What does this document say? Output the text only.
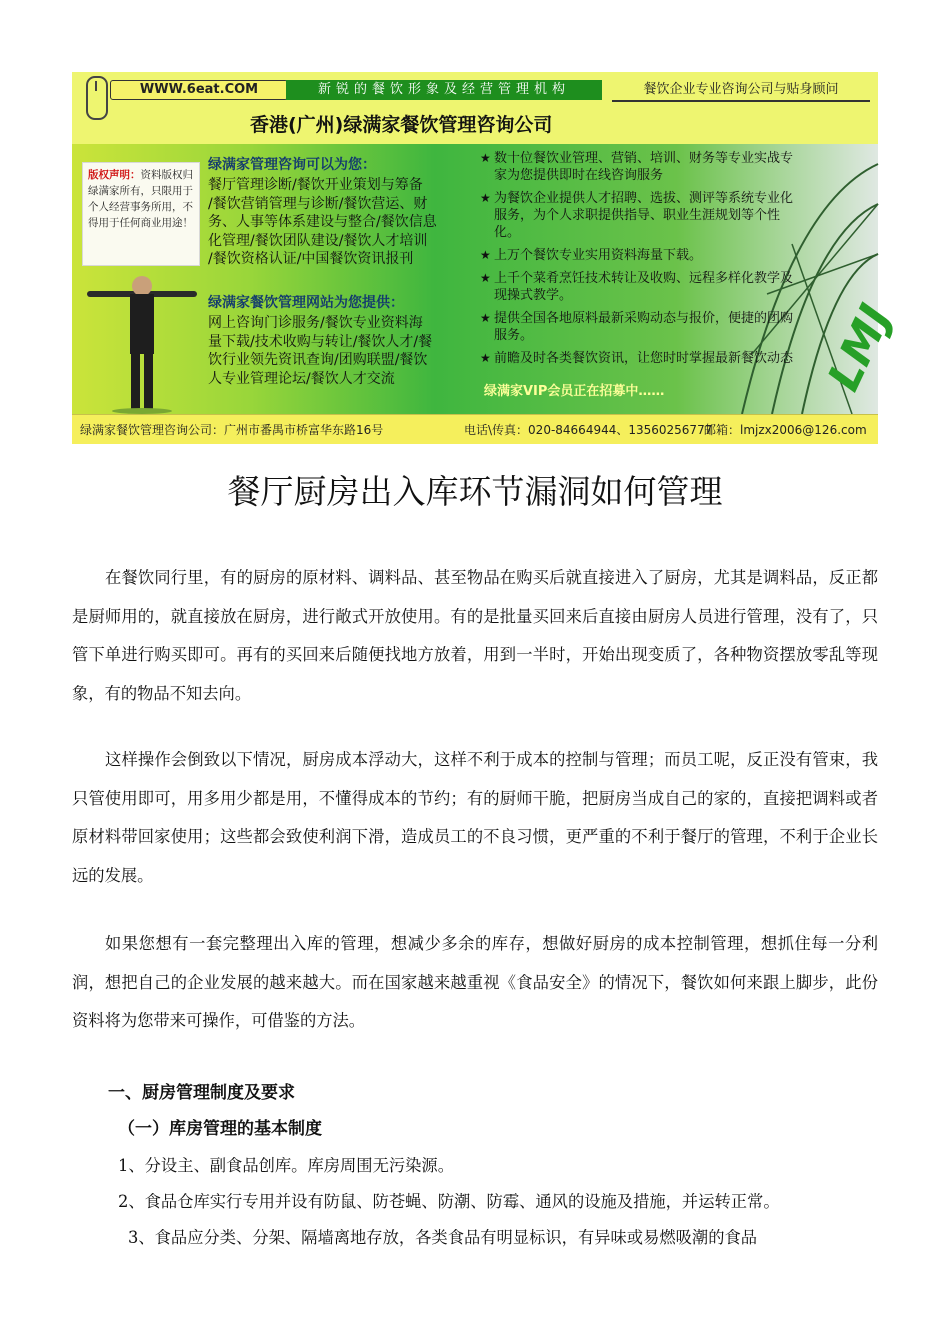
WWW.6eat.COM	新锐的餐饮形象及经营管理机构	餐饮企业专业咨询公司与贴身顾问
香港(广州)绿满家餐饮管理咨询公司
版权声明：资料版权归绿满家所有，只限用于个人经营事务所用，不得用于任何商业用途！
绿满家管理咨询可以为您：
餐厅管理诊断/餐饮开业策划与筹备
/餐饮营销管理与诊断/餐饮营运、财
务、人事等体系建设与整合/餐饮信息
化管理/餐饮团队建设/餐饮人才培训
/餐饮资格认证/中国餐饮资讯报刊
绿满家餐饮管理网站为您提供：
网上咨询门诊服务/餐饮专业资料海
量下载/技术收购与转让/餐饮人才/餐
饮行业领先资讯查询/团购联盟/餐饮
人专业管理论坛/餐饮人才交流
★ 数十位餐饮业管理、营销、培训、财务等专业实战专家为您提供即时在线咨询服务
★ 为餐饮企业提供人才招聘、选拔、测评等系统专业化服务，为个人求职提供指导、职业生涯规划等个性化。
★ 上万个餐饮专业实用资料海量下载。
★ 上千个菜肴烹饪技术转让及收购、远程多样化教学及现操式教学。
★ 提供全国各地原料最新采购动态与报价，便捷的团购服务。
★ 前瞻及时各类餐饮资讯，让您时时掌握最新餐饮动态 LMJ
绿满家VIP会员正在招募中……
绿满家餐饮管理咨询公司：广州市番禺市桥富华东路16号	电话\传真：020-84664944、13560256777
邮箱：lmjzx2006@126.com
餐厅厨房出入库环节漏洞如何管理

在餐饮同行里，有的厨房的原材料、调料品、甚至物品在购买后就直接进入了厨房，尤其是调料品，反正都是厨师用的，就直接放在厨房，进行敞式开放使用。有的是批量买回来后直接由厨房人员进行管理，没有了，只管下单进行购买即可。再有的买回来后随便找地方放着，用到一半时，开始出现变质了，各种物资摆放零乱等现象，有的物品不知去向。

这样操作会倒致以下情况，厨房成本浮动大，这样不利于成本的控制与管理；而员工呢，反正没有管束，我只管使用即可，用多用少都是用，不懂得成本的节约；有的厨师干脆，把厨房当成自己的家的，直接把调料或者原材料带回家使用；这些都会致使利润下滑，造成员工的不良习惯，更严重的不利于餐厅的管理，不利于企业长远的发展。

如果您想有一套完整理出入库的管理，想减少多余的库存，想做好厨房的成本控制管理，想抓住每一分利润，想把自己的企业发展的越来越大。而在国家越来越重视《食品安全》的情况下，餐饮如何来跟上脚步，此份资料将为您带来可操作，可借鉴的方法。

一、厨房管理制度及要求
（一）库房管理的基本制度
1、分设主、副食品创库。库房周围无污染源。
2、食品仓库实行专用并设有防鼠、防苍蝇、防潮、防霉、通风的设施及措施，并运转正常。
3、食品应分类、分架、隔墙离地存放，各类食品有明显标识，有异味或易燃吸潮的食品
